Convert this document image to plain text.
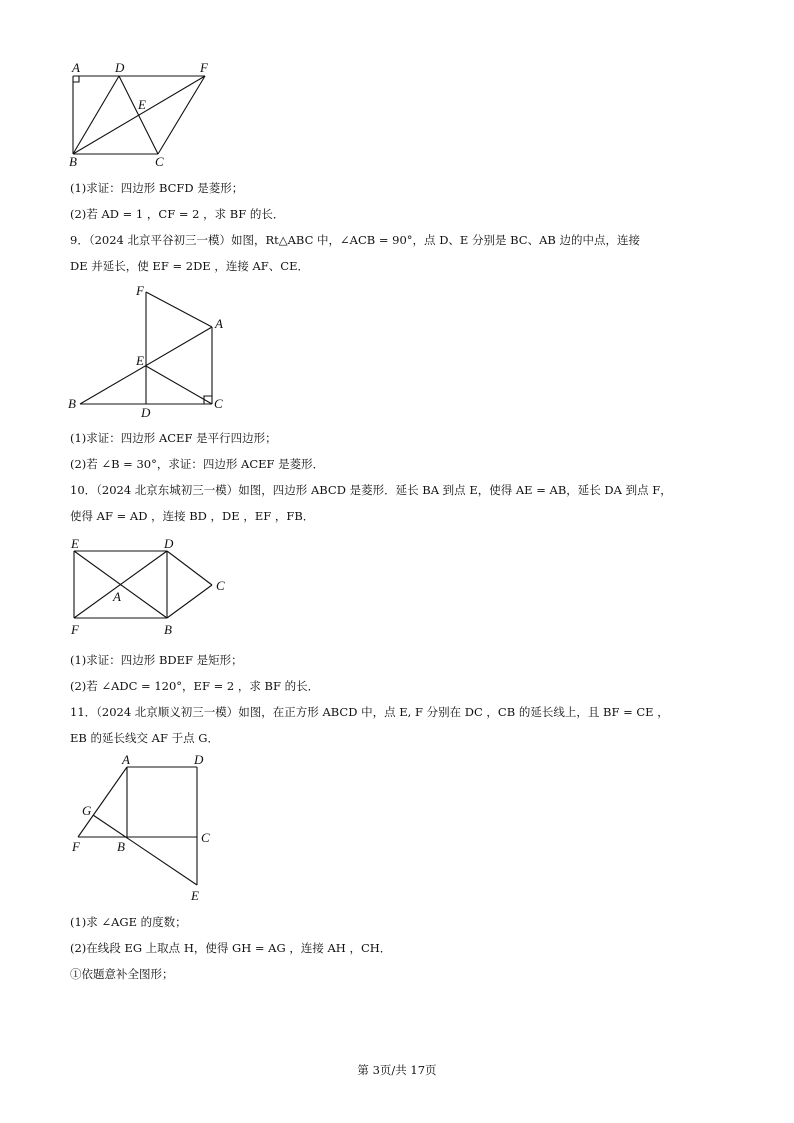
A	D	F
E
B	C
(1)求证：四边形 BCFD 是菱形；
(2)若 AD = 1 ，CF = 2 ，求 BF 的长．
9．（2024 北京平谷初三一模）如图，Rt△ABC 中，∠ACB = 90°，点 D、E 分别是 BC、AB 边的中点，连接
DE 并延长，使 EF = 2DE ，连接 AF、CE．
F
A
E
B
D
C
(1)求证：四边形 ACEF 是平行四边形；
(2)若 ∠B = 30°，求证：四边形 ACEF 是菱形．
10．（2024 北京东城初三一模）如图，四边形 ABCD 是菱形．延长 BA 到点 E，使得 AE = AB，延长 DA 到点 F，
使得 AF = AD ，连接 BD ，DE ，EF ，FB．
E	D
C
A
F	B
(1)求证：四边形 BDEF 是矩形；
(2)若 ∠ADC = 120°，EF = 2 ，求 BF 的长．
11．（2024 北京顺义初三一模）如图，在正方形 ABCD 中，点 E, F 分别在 DC ，CB 的延长线上，且 BF = CE ，
EB 的延长线交 AF 于点 G．
A	D
G
C
F	B
E
(1)求 ∠AGE 的度数；
(2)在线段 EG 上取点 H，使得 GH = AG ，连接 AH ，CH．
①依题意补全图形；
第 3页/共 17页
